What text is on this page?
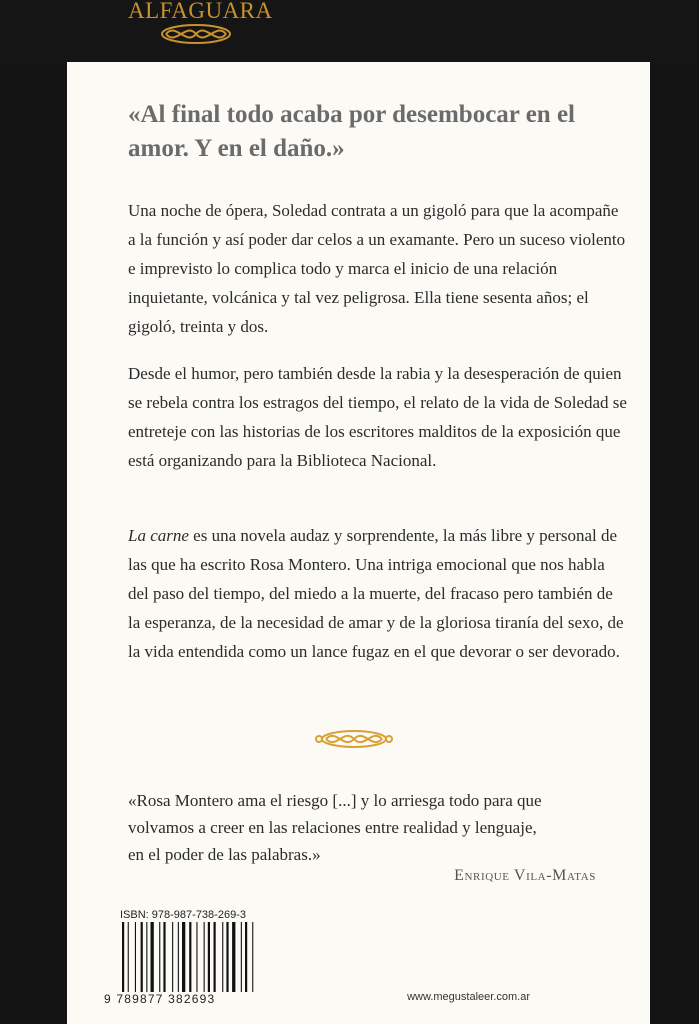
ALFAGUARA

«Al final todo acaba por desembocar en el amor. Y en el daño.»

Una noche de ópera, Soledad contrata a un gigoló para que la acompañe a la función y así poder dar celos a un examante. Pero un suceso violento e imprevisto lo complica todo y marca el inicio de una relación inquietante, volcánica y tal vez peligrosa. Ella tiene sesenta años; el gigoló, treinta y dos.

Desde el humor, pero también desde la rabia y la desesperación de quien se rebela contra los estragos del tiempo, el relato de la vida de Soledad se entreteje con las historias de los escritores malditos de la exposición que está organizando para la Biblioteca Nacional.

La carne es una novela audaz y sorprendente, la más libre y personal de las que ha escrito Rosa Montero. Una intriga emocional que nos habla del paso del tiempo, del miedo a la muerte, del fracaso pero también de la esperanza, de la necesidad de amar y de la gloriosa tiranía del sexo, de la vida entendida como un lance fugaz en el que devorar o ser devorado.

«Rosa Montero ama el riesgo [...] y lo arriesga todo para que
volvamos a creer en las relaciones entre realidad y lenguaje,
en el poder de las palabras.»

Enrique Vila-Matas
ISBN: 978-987-738-269-3
9 789877 382693	www.megustaleer.com.ar
